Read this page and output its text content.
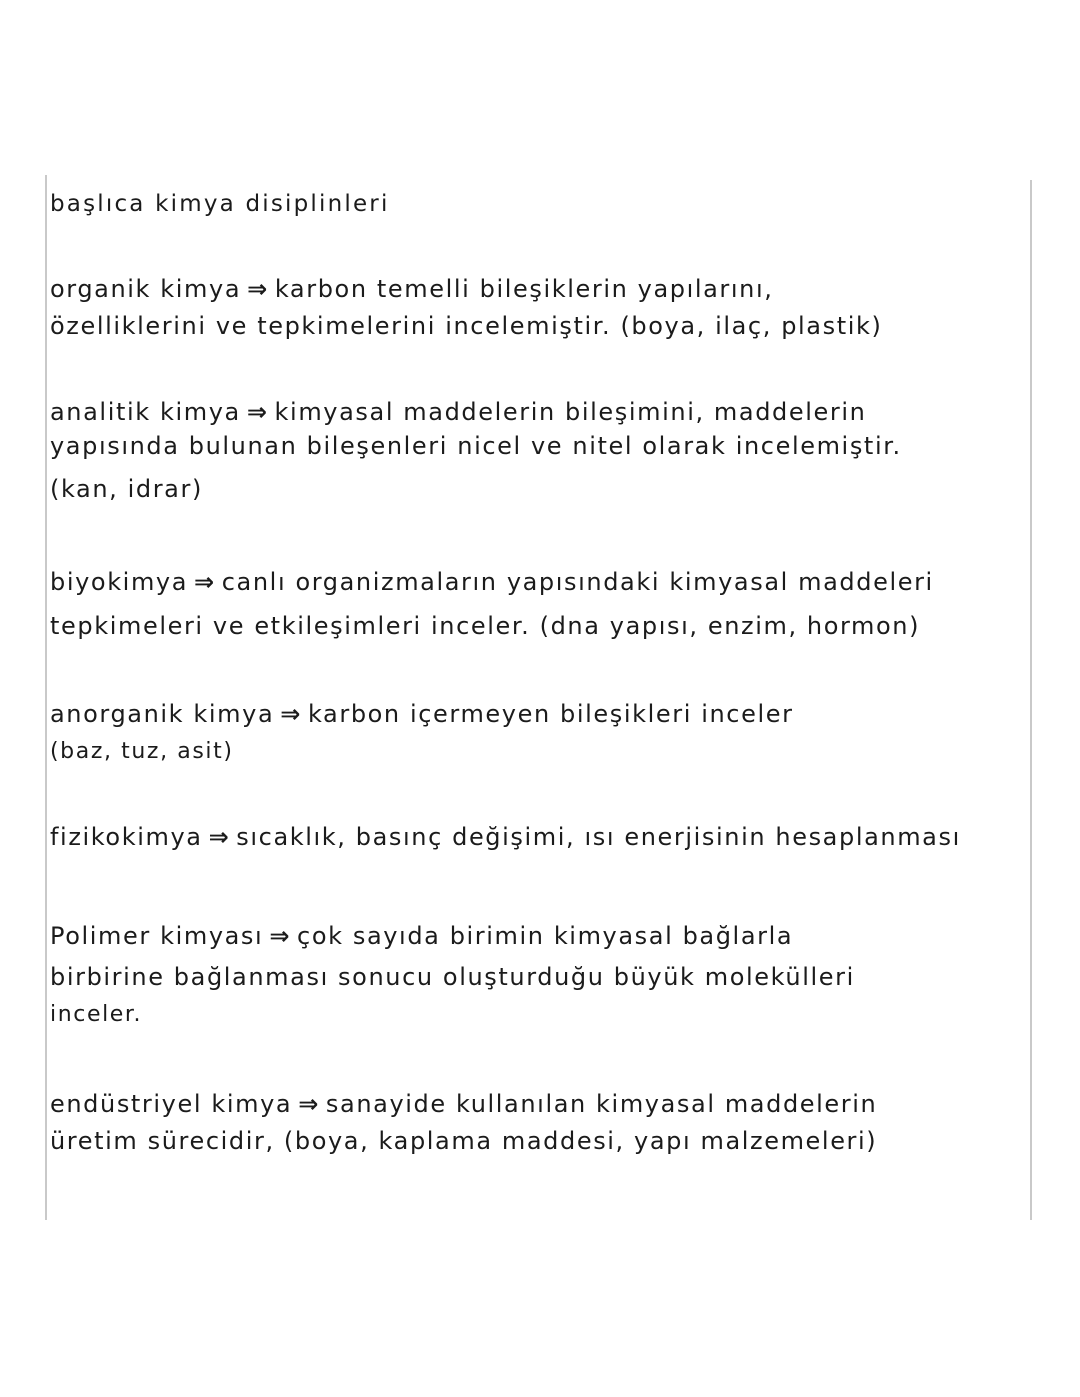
başlıca kimya disiplinleri
organik kimya ⇒ karbon temelli bileşiklerin yapılarını,
özelliklerini ve tepkimelerini incelemiştir. (boya, ilaç, plastik)
analitik kimya ⇒ kimyasal maddelerin bileşimini, maddelerin
yapısında bulunan bileşenleri nicel ve nitel olarak incelemiştir.
(kan, idrar)
biyokimya ⇒ canlı organizmaların yapısındaki kimyasal maddeleri
tepkimeleri ve etkileşimleri inceler. (dna yapısı, enzim, hormon)
anorganik kimya ⇒ karbon içermeyen bileşikleri inceler
(baz, tuz, asit)
fizikokimya ⇒ sıcaklık, basınç değişimi, ısı enerjisinin hesaplanması
Polimer kimyası ⇒ çok sayıda birimin kimyasal bağlarla
birbirine bağlanması sonucu oluşturduğu büyük molekülleri
inceler.
endüstriyel kimya ⇒ sanayide kullanılan kimyasal maddelerin
üretim sürecidir, (boya, kaplama maddesi, yapı malzemeleri)
